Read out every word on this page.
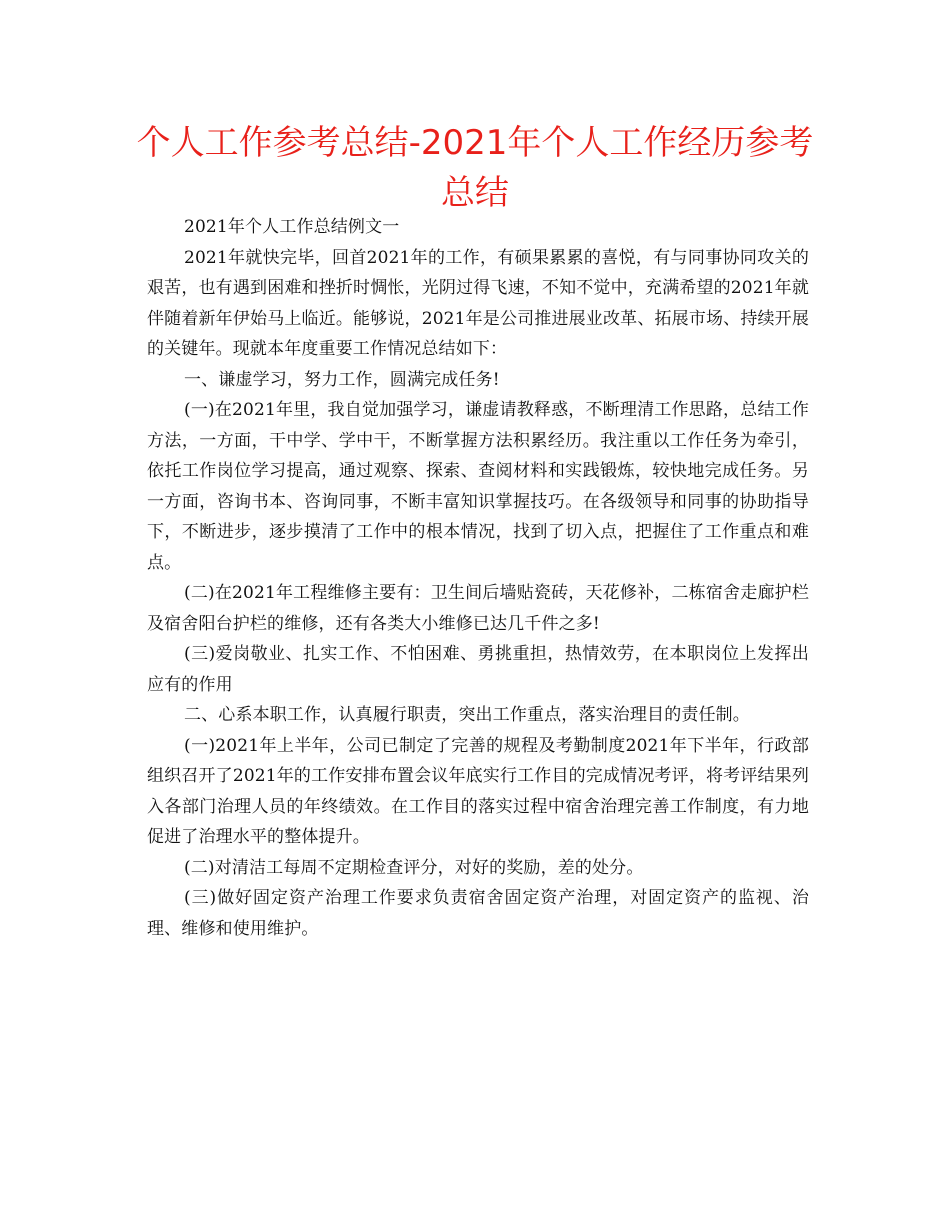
个人工作参考总结-2021年个人工作经历参考总结

2021年个人工作总结例文一

2021年就快完毕，回首2021年的工作，有硕果累累的喜悦，有与同事协同攻关的艰苦，也有遇到困难和挫折时惆怅，光阴过得飞速，不知不觉中，充满希望的2021年就伴随着新年伊始马上临近。能够说，2021年是公司推进展业改革、拓展市场、持续开展的关键年。现就本年度重要工作情况总结如下：

一、谦虚学习，努力工作，圆满完成任务!

(一)在2021年里，我自觉加强学习，谦虚请教释惑，不断理清工作思路，总结工作方法，一方面，干中学、学中干，不断掌握方法积累经历。我注重以工作任务为牵引，依托工作岗位学习提高，通过观察、探索、查阅材料和实践锻炼，较快地完成任务。另一方面，咨询书本、咨询同事，不断丰富知识掌握技巧。在各级领导和同事的协助指导下，不断进步，逐步摸清了工作中的根本情况，找到了切入点，把握住了工作重点和难点。

(二)在2021年工程维修主要有：卫生间后墙贴瓷砖，天花修补，二栋宿舍走廊护栏及宿舍阳台护栏的维修，还有各类大小维修已达几千件之多!

(三)爱岗敬业、扎实工作、不怕困难、勇挑重担，热情效劳，在本职岗位上发挥出应有的作用

二、心系本职工作，认真履行职责，突出工作重点，落实治理目的责任制。

(一)2021年上半年，公司已制定了完善的规程及考勤制度2021年下半年，行政部组织召开了2021年的工作安排布置会议年底实行工作目的完成情况考评，将考评结果列入各部门治理人员的年终绩效。在工作目的落实过程中宿舍治理完善工作制度，有力地促进了治理水平的整体提升。

(二)对清洁工每周不定期检查评分，对好的奖励，差的处分。

(三)做好固定资产治理工作要求负责宿舍固定资产治理，对固定资产的监视、治理、维修和使用维护。
